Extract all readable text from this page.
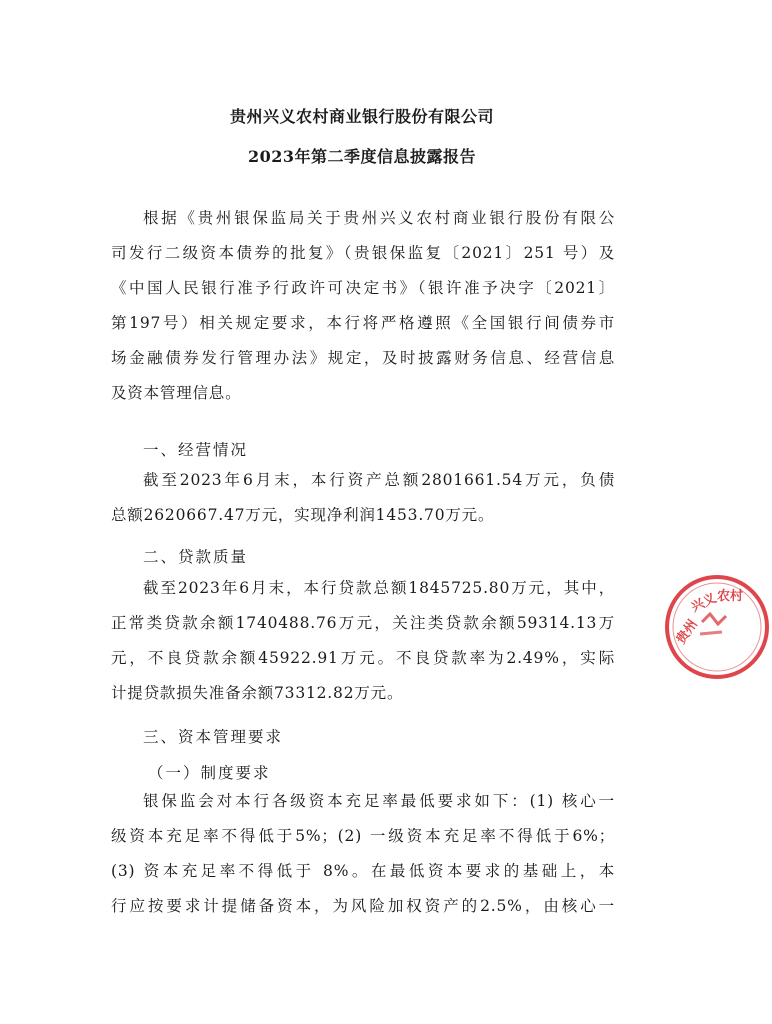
贵州兴义农村商业银行股份有限公司
2023年第二季度信息披露报告
根据《贵州银保监局关于贵州兴义农村商业银行股份有限公
司发行二级资本债券的批复》（贵银保监复〔2021〕251 号）及
《中国人民银行准予行政许可决定书》（银许准予决字〔2021〕
第197号）相关规定要求，本行将严格遵照《全国银行间债券市
场金融债券发行管理办法》规定，及时披露财务信息、经营信息
及资本管理信息。
一、经营情况
截至2023年6月末，本行资产总额2801661.54万元，负债
总额2620667.47万元，实现净利润1453.70万元。
二、贷款质量
截至2023年6月末，本行贷款总额1845725.80万元，其中，
正常类贷款余额1740488.76万元，关注类贷款余额59314.13万
元，不良贷款余额45922.91万元。不良贷款率为2.49%，实际
计提贷款损失准备余额73312.82万元。
三、资本管理要求
（一）制度要求
银保监会对本行各级资本充足率最低要求如下：(1) 核心一
级资本充足率不得低于5%；(2) 一级资本充足率不得低于6%；
(3) 资本充足率不得低于 8%。在最低资本要求的基础上，本
行应按要求计提储备资本，为风险加权资产的2.5%，由核心一
贵州
兴义
农村
